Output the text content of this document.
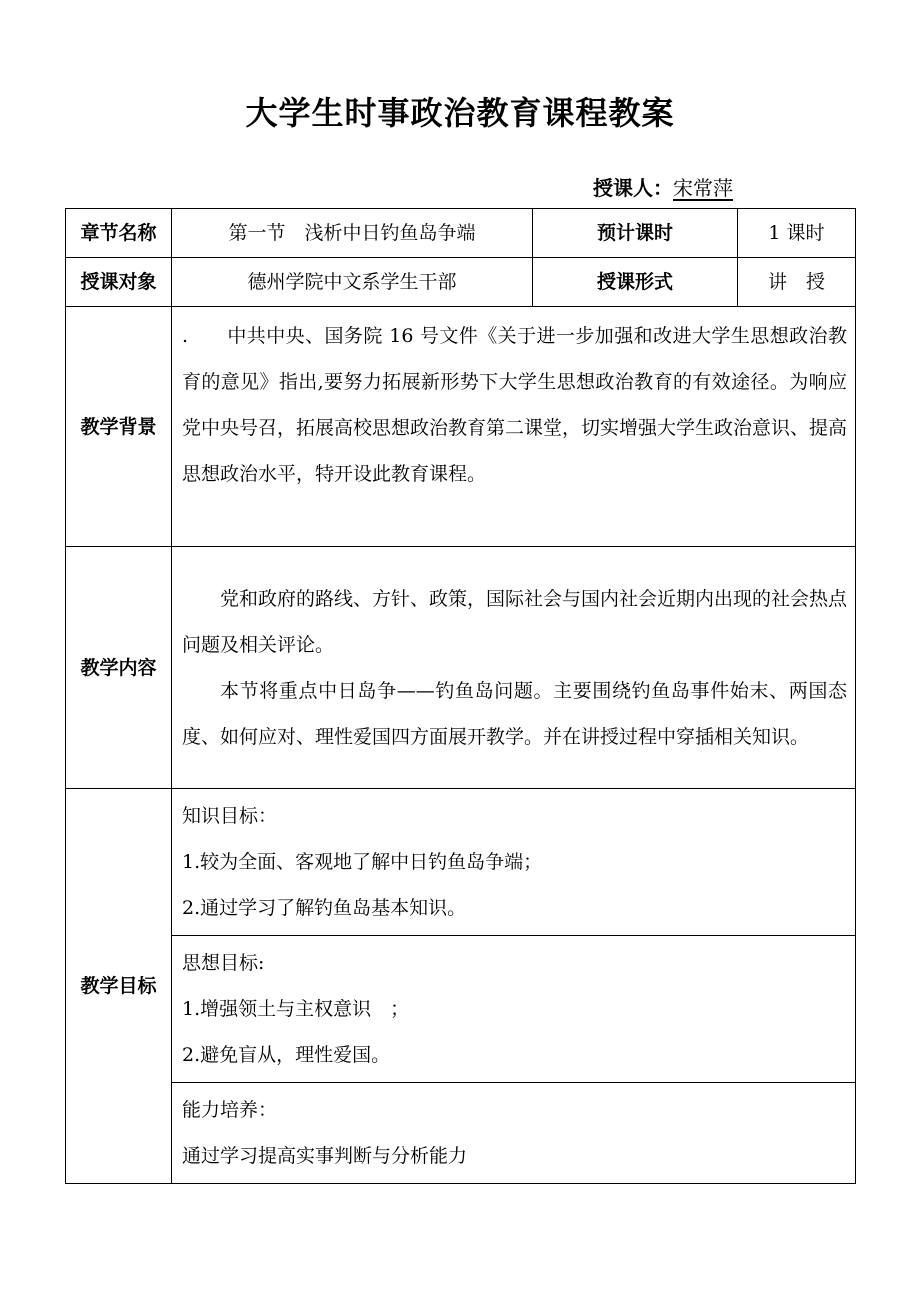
大学生时事政治教育课程教案
授课人：宋常萍
章节名称	第一节　浅析中日钓鱼岛争端	预计课时	1 课时
授课对象	德州学院中文系学生干部	授课形式	讲　授
教学背景	.　　中共中央、国务院 16 号文件《关于进一步加强和改进大学生思想政治教育的意见》指出,要努力拓展新形势下大学生思想政治教育的有效途径。为响应党中央号召，拓展高校思想政治教育第二课堂，切实增强大学生政治意识、提高思想政治水平，特开设此教育课程。		

教学内容	党和政府的路线、方针、政策，国际社会与国内社会近期内出现的社会热点问题及相关评论。

本节将重点中日岛争——钓鱼岛问题。主要围绕钓鱼岛事件始末、两国态度、如何应对、理性爱国四方面展开教学。并在讲授过程中穿插相关知识。		

教学目标	知识目标：
1.较为全面、客观地了解中日钓鱼岛争端；
2.通过学习了解钓鱼岛基本知识。		

	思想目标:
1.增强领土与主权意识　；
2.避免盲从，理性爱国。		

	能力培养：
通过学习提高实事判断与分析能力		
